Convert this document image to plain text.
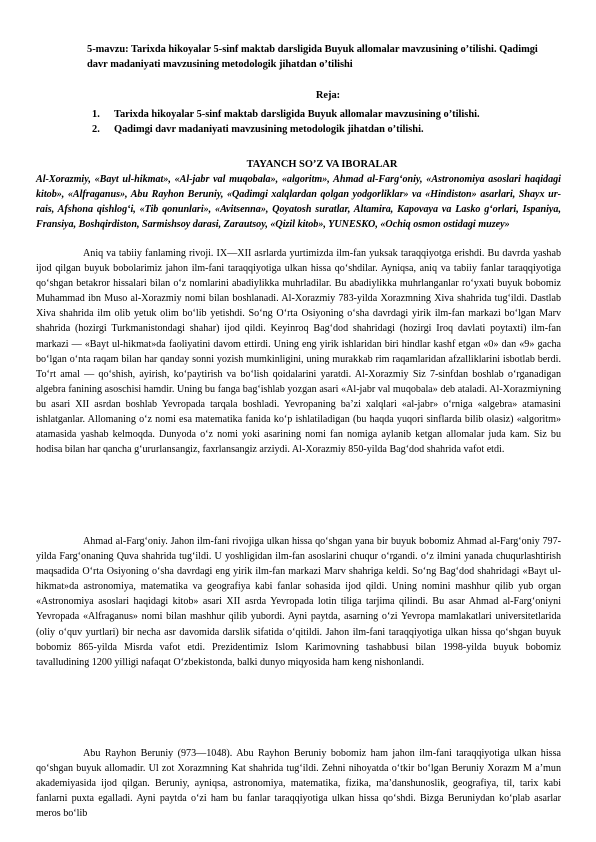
5-mavzu: Tarixda hikoyalar 5-sinf maktab darsligida Buyuk allomalar mavzusining o’tilishi. Qadimgi davr madaniyati mavzusining metodologik jihatdan o’tilishi

Reja:

1.	Tarixda hikoyalar 5-sinf maktab darsligida Buyuk allomalar mavzusining o’tilishi.
2.	Qadimgi davr madaniyati mavzusining metodologik jihatdan o’tilishi.

TAYANCH SO’Z VA IBORALAR

Al-Xorazmiy, «Bayt ul-hikmat», «Al-jabr val muqobala», «algoritm», Ahmad al-Farg‘oniy, «Astronomiya asoslari haqidagi kitob», «Alfraganus», Abu Rayhon Beruniy, «Qadimgi xalqlardan qolgan yodgorliklar» va «Hindiston» asarlari, Shayx ur-rais, Afshona qishlog‘i, «Tib qonunlari», «Avitsenna», Qoyatosh suratlar, Altamira, Kapovaya va Lasko g‘orlari, Ispaniya, Fransiya, Boshqirdiston, Sarmishsoy darasi, Zarautsoy, «Qizil kitob», YUNESKO, «Ochiq osmon ostidagi muzey»

Aniq va tabiiy fanlaming rivoji. IX—XII asrlarda yurtimizda ilm-fan yuksak taraqqiyotga erishdi. Bu davrda yashab ijod qilgan buyuk bobolarimiz jahon ilm-fani taraqqiyotiga ulkan hissa qo‘shdilar. Ayniqsa, aniq va tabiiy fanlar taraqqiyotiga qo‘shgan betakror hissalari bilan o‘z nomlarini abadiylikka muhrladilar. Bu abadiylikka muhrlanganlar ro‘yxati buyuk bobomiz Muhammad ibn Muso al-Xorazmiy nomi bilan boshlanadi. Al-Xorazmiy 783-yilda Xorazmning Xiva shahrida tug‘ildi. Dastlab Xiva shahrida ilm olib yetuk olim bo‘lib yetishdi. So‘ng O‘rta Osiyoning o‘sha davrdagi yirik ilm-fan markazi bo‘lgan Marv shahrida (hozirgi Turkmanistondagi shahar) ijod qildi. Keyinroq Bag‘dod shahridagi (hozirgi Iroq davlati poytaxti) ilm-fan markazi — «Bayt ul-hikmat»da faoliyatini davom ettirdi. Uning eng yirik ishlaridan biri hindlar kashf etgan «0» dan «9» gacha bo‘lgan o‘nta raqam bilan har qanday sonni yozish mumkinligini, uning murakkab rim raqamlaridan afzalliklarini isbotlab berdi. To‘rt amal — qo‘shish, ayirish, ko‘paytirish va bo‘lish qoidalarini yaratdi. Al-Xorazmiy Siz 7-sinfdan boshlab o‘rganadigan algebra fanining asoschisi hamdir. Uning bu fanga bag‘ishlab yozgan asari «Al-jabr val muqobala» deb ataladi. Al-Xorazmiyning bu asari XII asrdan boshlab Yevropada tarqala boshladi. Yevropaning ba’zi xalqlari «al-jabr» o‘rniga «algebra» atamasini ishlatganlar. Allomaning o‘z nomi esa matematika fanida ko‘p ishlatiladigan (bu haqda yuqori sinflarda bilib olasiz) «algoritm» atamasida yashab kelmoqda. Dunyoda o‘z nomi yoki asarining nomi fan nomiga aylanib ketgan allomalar juda kam. Siz bu hodisa bilan har qancha g‘ururlansangiz, faxrlansangiz arziydi. Al-Xorazmiy 850-yilda Bag‘dod shahrida vafot etdi.

Ahmad al-Farg‘oniy. Jahon ilm-fani rivojiga ulkan hissa qo‘shgan yana bir buyuk bobomiz Ahmad al-Farg‘oniy 797-yilda Farg‘onaning Quva shahrida tug‘ildi. U yoshligidan ilm-fan asoslarini chuqur o‘rgandi. o‘z ilmini yanada chuqurlashtirish maqsadida O‘rta Osiyoning o‘sha davrdagi eng yirik ilm-fan markazi Marv shahriga keldi. So‘ng Bag‘dod shahridagi «Bayt ul-hikmat»da astronomiya, matematika va geografiya kabi fanlar sohasida ijod qildi. Uning nomini mashhur qilib yub organ «Astronomiya asoslari haqidagi kitob» asari XII asrda Yevropada lotin tiliga tarjima qilindi. Bu asar Ahmad al-Farg‘oniyni Yevropada «Alfraganus» nomi bilan mashhur qilib yubordi. Ayni paytda, asarning o‘zi Yevropa mamlakatlari universitetlarida (oliy o‘quv yurtlari) bir necha asr davomida darslik sifatida o‘qitildi. Jahon ilm-fani taraqqiyotiga ulkan hissa qo‘shgan buyuk bobomiz 865-yilda Misrda vafot etdi. Prezidentimiz Islom Karimovning tashabbusi bilan 1998-yilda buyuk bobomiz tavalludining 1200 yilligi nafaqat O‘zbekistonda, balki dunyo miqyosida ham keng nishonlandi.

Abu Rayhon Beruniy (973—1048). Abu Rayhon Beruniy bobomiz ham jahon ilm-fani taraqqiyotiga ulkan hissa qo‘shgan buyuk allomadir. Ul zot Xorazmning Kat shahrida tug‘ildi. Zehni nihoyatda o‘tkir bo‘lgan Beruniy Xorazm M a’mun akademiyasida ijod qilgan. Beruniy, ayniqsa, astronomiya, matematika, fizika, ma’danshunoslik, geografiya, til, tarix kabi fanlarni puxta egalladi. Ayni paytda o‘zi ham bu fanlar taraqqiyotiga ulkan hissa qo‘shdi. Bizga Beruniydan ko‘plab asarlar meros bo‘lib
